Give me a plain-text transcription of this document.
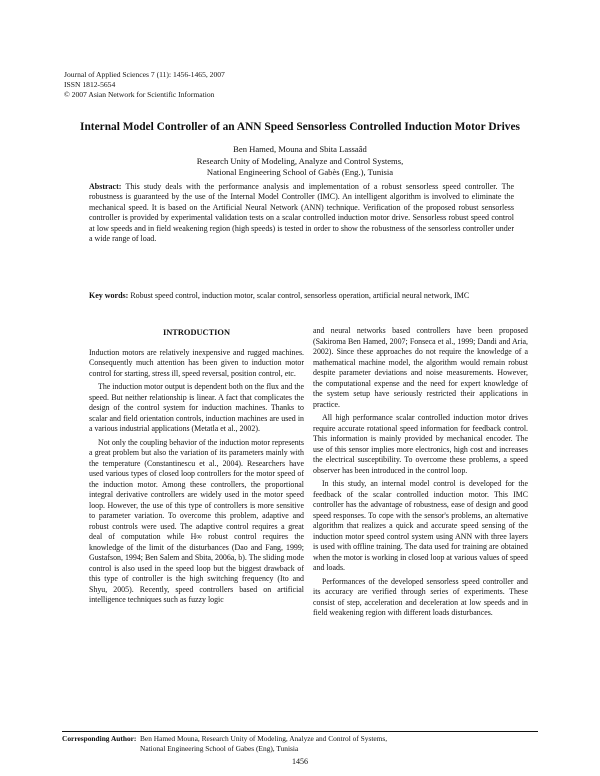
Journal of Applied Sciences 7 (11): 1456-1465, 2007
ISSN 1812-5654
© 2007 Asian Network for Scientific Information
Internal Model Controller of an ANN Speed Sensorless Controlled Induction Motor Drives
Ben Hamed, Mouna and Sbita Lassaâd
Research Unity of Modeling, Analyze and Control Systems,
National Engineering School of Gabès (Eng.), Tunisia
Abstract: This study deals with the performance analysis and implementation of a robust sensorless speed controller. The robustness is guaranteed by the use of the Internal Model Controller (IMC). An intelligent algorithm is involved to eliminate the mechanical speed. It is based on the Artificial Neural Network (ANN) technique. Verification of the proposed robust sensorless controller is provided by experimental validation tests on a scalar controlled induction motor drive. Sensorless robust speed control at low speeds and in field weakening region (high speeds) is tested in order to show the robustness of the sensorless controller under a wide range of load.
Key words: Robust speed control, induction motor, scalar control, sensorless operation, artificial neural network, IMC
INTRODUCTION

Induction motors are relatively inexpensive and rugged machines. Consequently much attention has been given to induction motor control for starting, stress ill, speed reversal, position control, etc.

The induction motor output is dependent both on the flux and the speed. But neither relationship is linear. A fact that complicates the design of the control system for induction machines. Thanks to scalar and field orientation controls, induction machines are used in a various industrial applications (Metatla et al., 2002).

Not only the coupling behavior of the induction motor represents a great problem but also the variation of its parameters mainly with the temperature (Constantinescu et al., 2004). Researchers have used various types of closed loop controllers for the motor speed of the induction motor. Among these controllers, the proportional integral derivative controllers are widely used in the motor speed loop. However, the use of this type of controllers is more sensitive to parameter variation. To overcome this problem, adaptive and robust controls were used. The adaptive control requires a great deal of computation while H∞ robust control requires the knowledge of the limit of the disturbances (Dao and Fang, 1999; Gustafson, 1994; Ben Salem and Sbita, 2006a, b). The sliding mode control is also used in the speed loop but the biggest drawback of this type of controller is the high switching frequency (Ito and Shyu, 2005). Recently, speed controllers based on artificial intelligence techniques such as fuzzy logic

and neural networks based controllers have been proposed (Sakiroma Ben Hamed, 2007; Fonseca et al., 1999; Dandi and Aria, 2002). Since these approaches do not require the knowledge of a mathematical machine model, the algorithm would remain robust despite parameter deviations and noise measurements. However, the computational expense and the need for expert knowledge of the system setup have seriously restricted their applications in practice.

All high performance scalar controlled induction motor drives require accurate rotational speed information for feedback control. This information is mainly provided by mechanical encoder. The use of this sensor implies more electronics, high cost and increases the electrical susceptibility. To overcome these problems, a speed observer has been introduced in the control loop.

In this study, an internal model control is developed for the feedback of the scalar controlled induction motor. This IMC controller has the advantage of robustness, ease of design and good speed responses. To cope with the sensor's problems, an alternative algorithm that realizes a quick and accurate speed sensing of the induction motor speed control system using ANN with three layers is used with offline training. The data used for training are obtained when the motor is working in closed loop at various values of speed and loads.

Performances of the developed sensorless speed controller and its accuracy are verified through series of experiments. These consist of step, acceleration and deceleration at low speeds and in field weakening region with different loads disturbances.

Corresponding Author: Ben Hamed Mouna, Research Unity of Modeling, Analyze and Control of Systems,
National Engineering School of Gabes (Eng), Tunisia
1456
